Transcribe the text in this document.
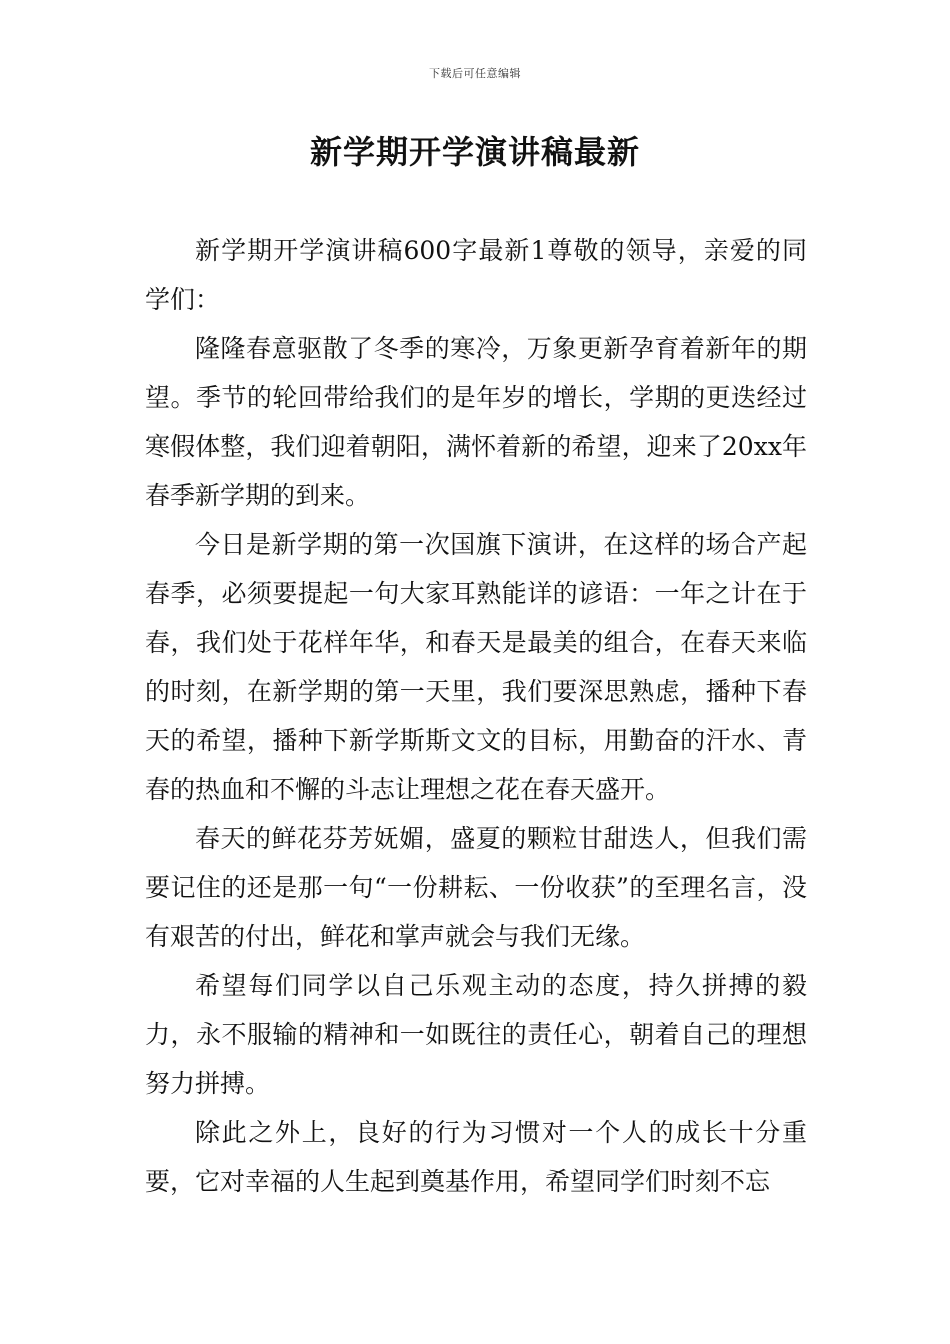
下载后可任意编辑
新学期开学演讲稿最新

新学期开学演讲稿600字最新1尊敬的领导，亲爱的同学们：

隆隆春意驱散了冬季的寒冷，万象更新孕育着新年的期望。季节的轮回带给我们的是年岁的增长，学期的更迭经过寒假体整，我们迎着朝阳，满怀着新的希望，迎来了20xx年春季新学期的到来。

今日是新学期的第一次国旗下演讲，在这样的场合产起春季，必须要提起一句大家耳熟能详的谚语：一年之计在于春，我们处于花样年华，和春天是最美的组合，在春天来临的时刻，在新学期的第一天里，我们要深思熟虑，播种下春天的希望，播种下新学斯斯文文的目标，用勤奋的汗水、青春的热血和不懈的斗志让理想之花在春天盛开。

春天的鲜花芬芳妩媚，盛夏的颗粒甘甜迭人，但我们需要记住的还是那一句“一份耕耘、一份收获”的至理名言，没有艰苦的付出，鲜花和掌声就会与我们无缘。

希望每们同学以自己乐观主动的态度，持久拼搏的毅力，永不服输的精神和一如既往的责任心，朝着自己的理想努力拼搏。

除此之外上，良好的行为习惯对一个人的成长十分重要，它对幸福的人生起到奠基作用，希望同学们时刻不忘
